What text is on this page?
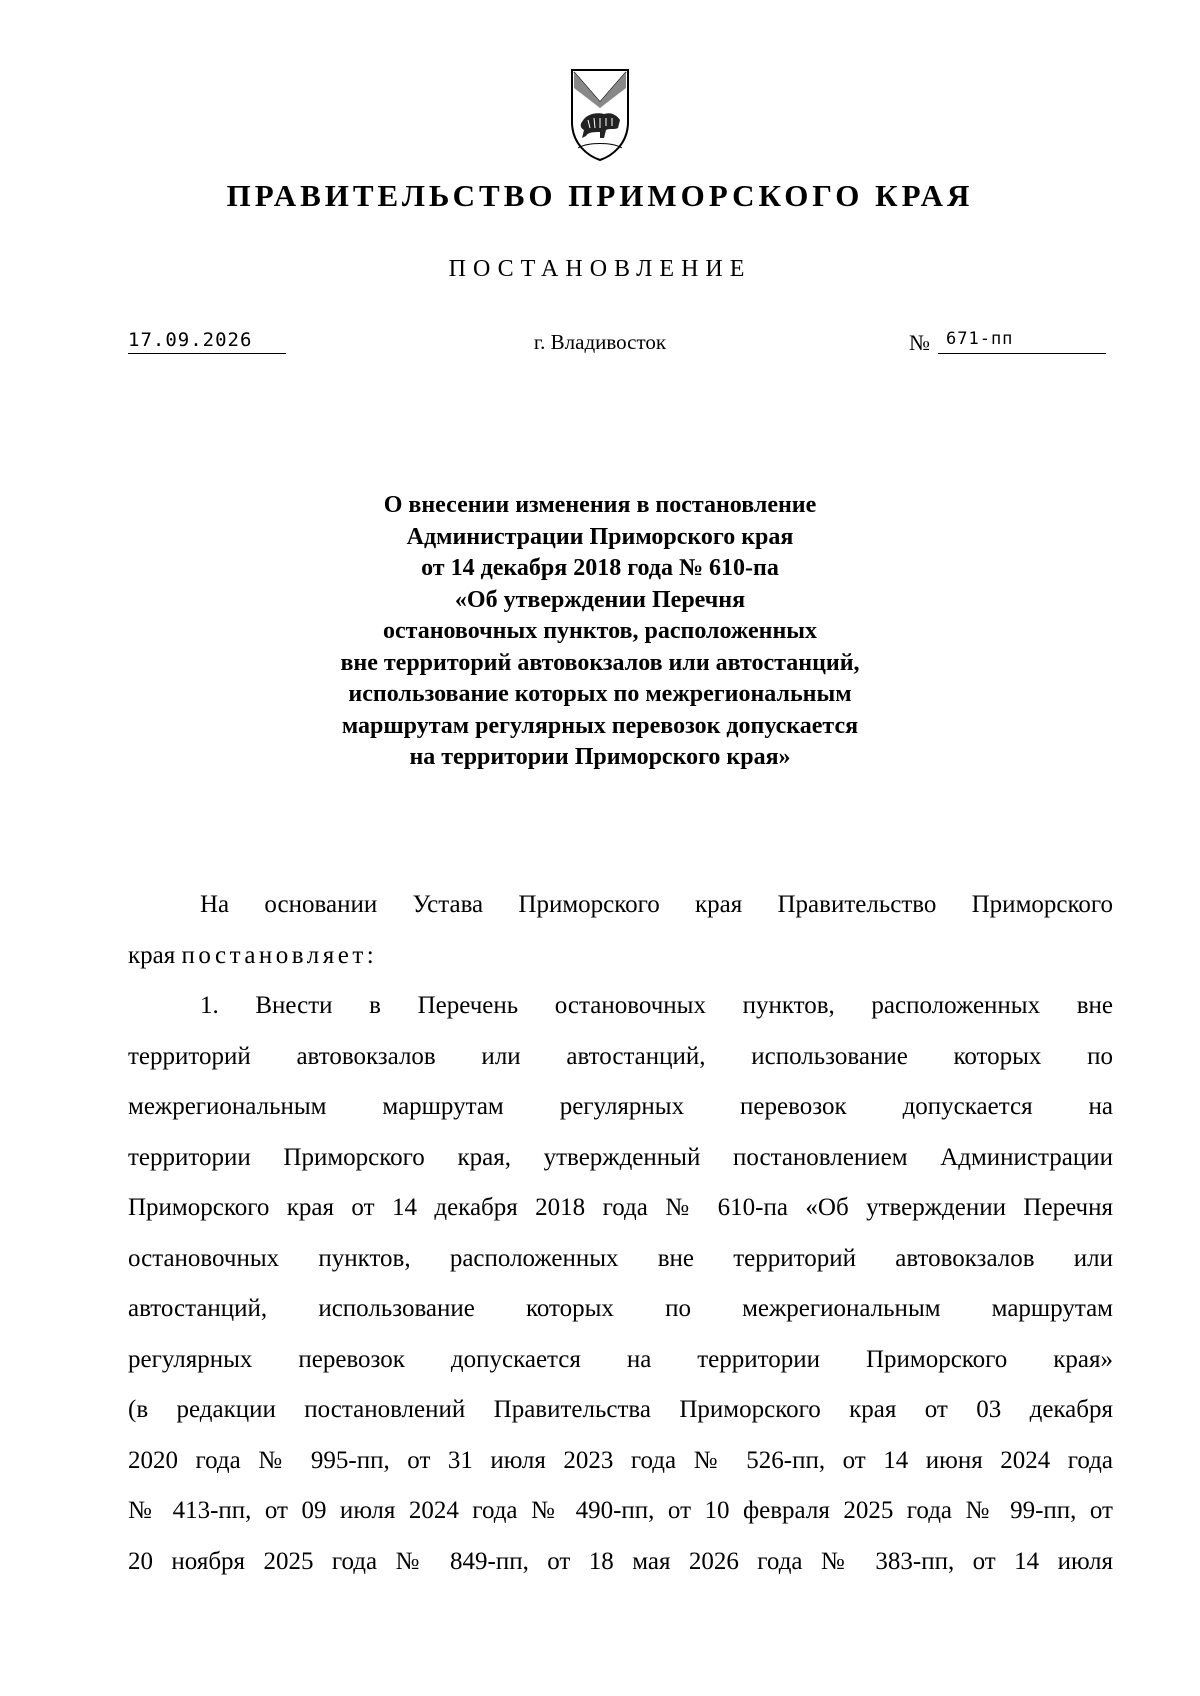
ПРАВИТЕЛЬСТВО ПРИМОРСКОГО КРАЯ
ПОСТАНОВЛЕНИЕ
17.09.2026	г. Владивосток	№ 671-пп
О внесении изменения в постановление
Администрации Приморского края
от 14 декабря 2018 года № 610-па
«Об утверждении Перечня
остановочных пунктов, расположенных
вне территорий автовокзалов или автостанций,
использование которых по межрегиональным
маршрутам регулярных перевозок допускается
на территории Приморского края»
На основании Устава Приморского края Правительство Приморского
края постановляет:
1. Внести в Перечень остановочных пунктов, расположенных вне
территорий автовокзалов или автостанций, использование которых по
межрегиональным маршрутам регулярных перевозок допускается на
территории Приморского края, утвержденный постановлением Администрации
Приморского края от 14 декабря 2018 года № 610-па «Об утверждении Перечня
остановочных пунктов, расположенных вне территорий автовокзалов или
автостанций, использование которых по межрегиональным маршрутам
регулярных перевозок допускается на территории Приморского края»
(в редакции постановлений Правительства Приморского края от 03 декабря
2020 года № 995-пп, от 31 июля 2023 года № 526-пп, от 14 июня 2024 года
№ 413-пп, от 09 июля 2024 года № 490-пп, от 10 февраля 2025 года № 99-пп, от
20 ноября 2025 года № 849-пп, от 18 мая 2026 года № 383-пп, от 14 июля
